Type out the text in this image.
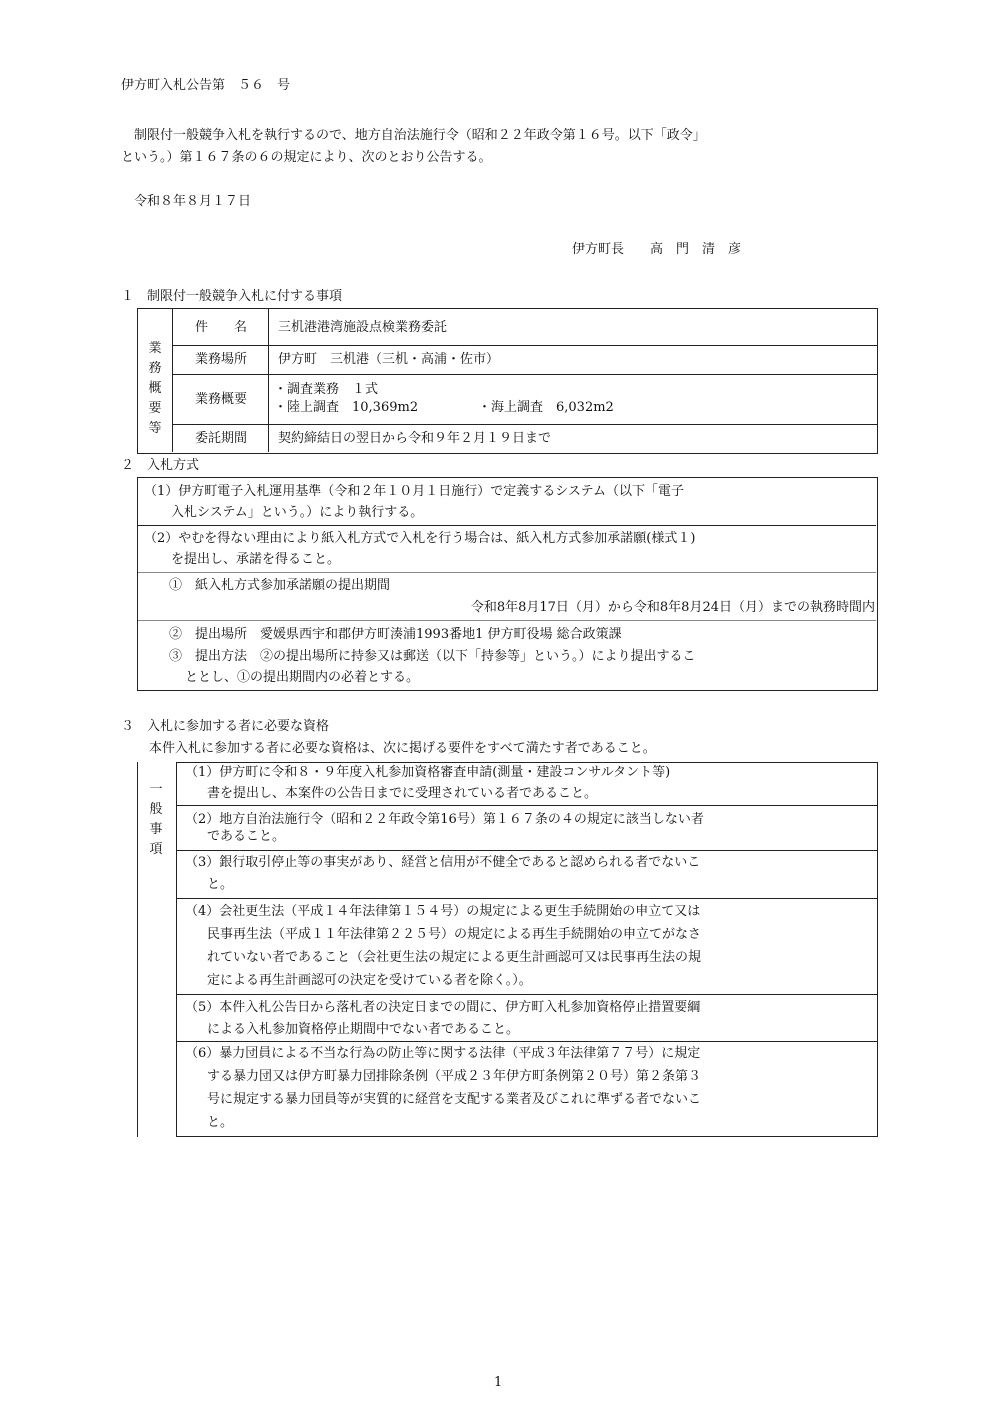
伊方町入札公告第　５６　号
制限付一般競争入札を執行するので、地方自治法施行令（昭和２２年政令第１６号。以下「政令」
という。）第１６７条の６の規定により、次のとおり公告する。
令和８年８月１７日
伊方町長　　高　門　清　彦
１　制限付一般競争入札に付する事項
業務概要等
件　　名 三机港港湾施設点検業務委託
業務場所 伊方町　三机港（三机・高浦・佐市）
業務概要
・調査業務　１式
・陸上調査　10,369m2	・海上調査　6,032m2
委託期間 契約締結日の翌日から令和９年２月１９日まで
２　入札方式
（1）伊方町電子入札運用基準（令和２年１０月１日施行）で定義するシステム（以下「電子
入札システム」という。）により執行する。
（2）やむを得ない理由により紙入札方式で入札を行う場合は、紙入札方式参加承諾願(様式１)
を提出し、承諾を得ること。
①　紙入札方式参加承諾願の提出期間
令和8年8月17日（月）から令和8年8月24日（月）までの執務時間内
②　提出場所　愛媛県西宇和郡伊方町湊浦1993番地1 伊方町役場 総合政策課
③　提出方法　②の提出場所に持参又は郵送（以下「持参等」という。）により提出するこ
ととし、①の提出期間内の必着とする。
３　入札に参加する者に必要な資格
本件入札に参加する者に必要な資格は、次に掲げる要件をすべて満たす者であること。
一般事項
（1）伊方町に令和８・９年度入札参加資格審査申請(測量・建設コンサルタント等)
書を提出し、本案件の公告日までに受理されている者であること。
（2）地方自治法施行令（昭和２２年政令第16号）第１６７条の４の規定に該当しない者
であること。
（3）銀行取引停止等の事実があり、経営と信用が不健全であると認められる者でないこ
と。
（4）会社更生法（平成１４年法律第１５４号）の規定による更生手続開始の申立て又は
民事再生法（平成１１年法律第２２５号）の規定による再生手続開始の申立てがなさ
れていない者であること（会社更生法の規定による更生計画認可又は民事再生法の規
定による再生計画認可の決定を受けている者を除く。）。
（5）本件入札公告日から落札者の決定日までの間に、伊方町入札参加資格停止措置要綱
による入札参加資格停止期間中でない者であること。
（6）暴力団員による不当な行為の防止等に関する法律（平成３年法律第７７号）に規定
する暴力団又は伊方町暴力団排除条例（平成２３年伊方町条例第２０号）第２条第３
号に規定する暴力団員等が実質的に経営を支配する業者及びこれに準ずる者でないこ
と。
1
